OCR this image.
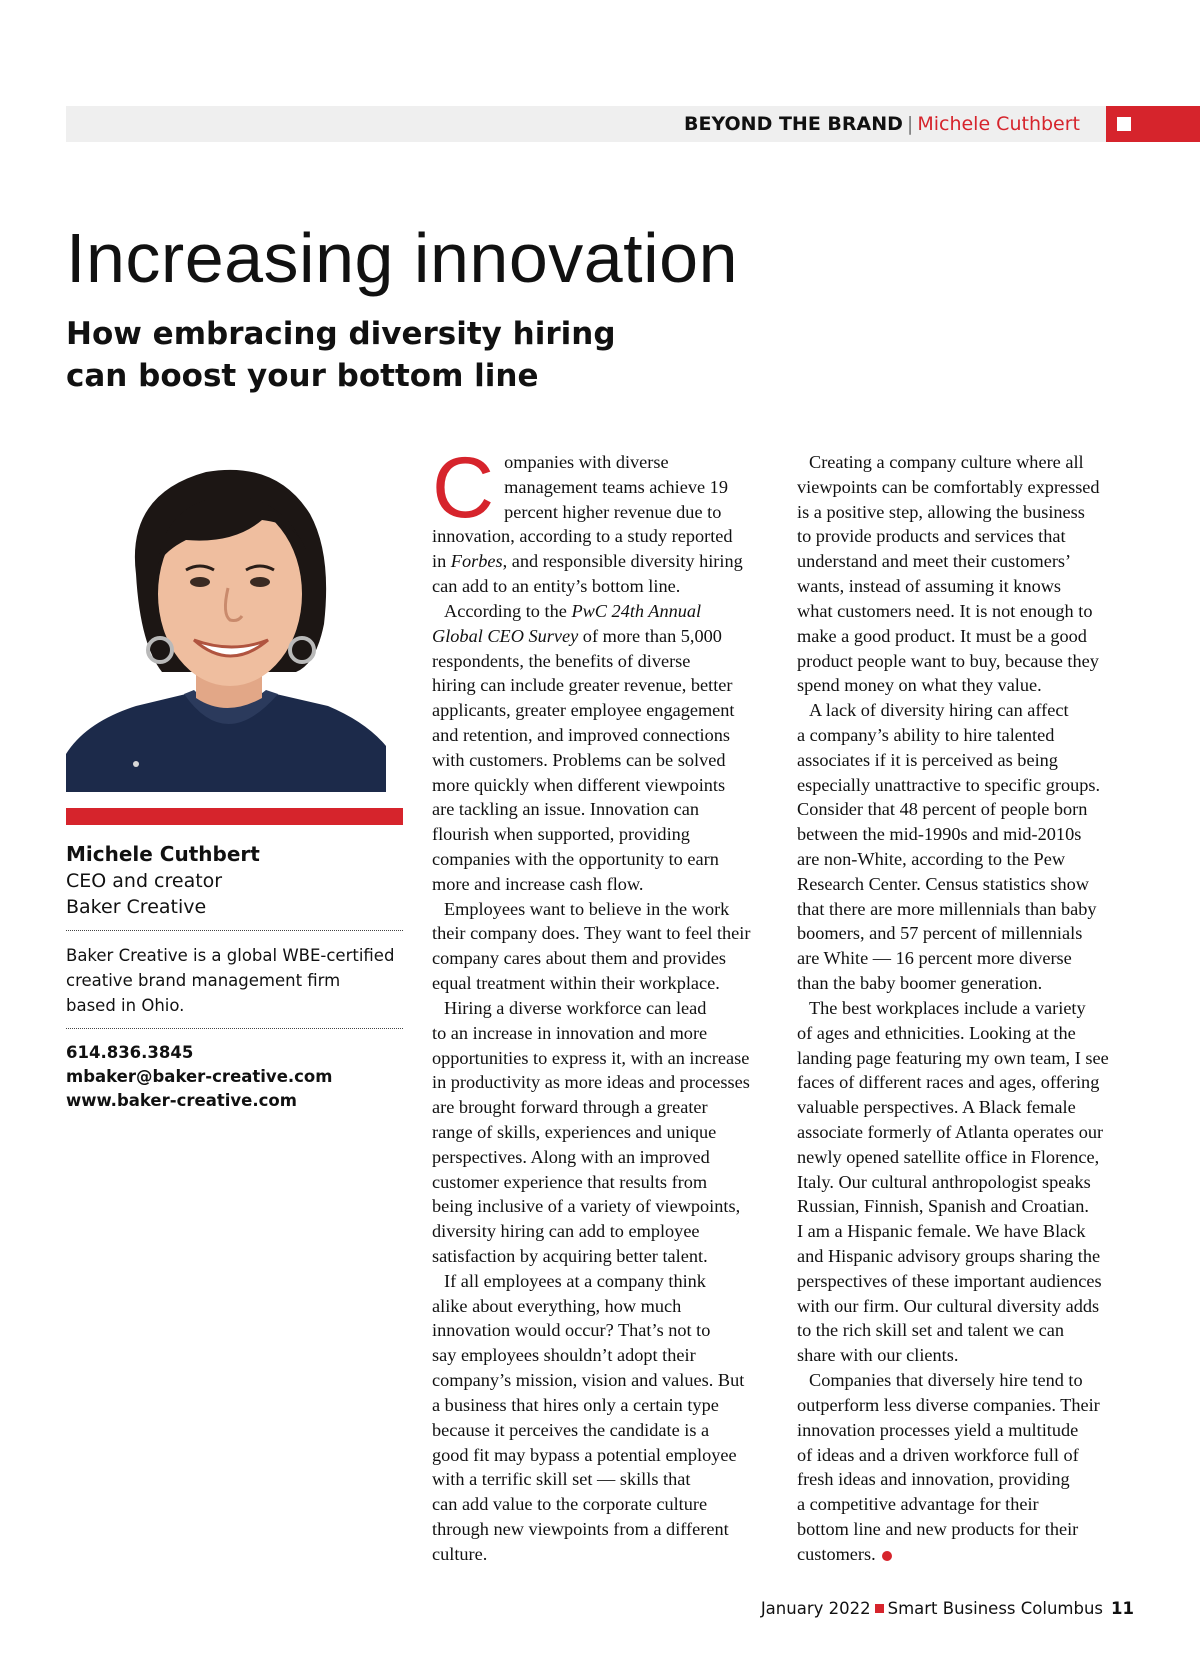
BEYOND THE BRAND | Michele Cuthbert
Increasing innovation
How embracing diversity hiring
can boost your bottom line
Michele Cuthbert
CEO and creator
Baker Creative
Baker Creative is a global WBE-certified
creative brand management firm
based in Ohio.
614.836.3845
mbaker@baker-creative.com
www.baker-creative.com

C ompanies with diverse
management teams achieve 19
percent higher revenue due to
innovation, according to a study reported
in Forbes, and responsible diversity hiring
can add to an entity’s bottom line.

According to the PwC 24th Annual
Global CEO Survey of more than 5,000

respondents, the benefits of diverse
hiring can include greater revenue, better
applicants, greater employee engagement
and retention, and improved connections
with customers. Problems can be solved
more quickly when different viewpoints
are tackling an issue. Innovation can
flourish when supported, providing
companies with the opportunity to earn
more and increase cash flow.

Employees want to believe in the work
their company does. They want to feel their
company cares about them and provides
equal treatment within their workplace.

Hiring a diverse workforce can lead
to an increase in innovation and more
opportunities to express it, with an increase
in productivity as more ideas and processes
are brought forward through a greater
range of skills, experiences and unique
perspectives. Along with an improved
customer experience that results from
being inclusive of a variety of viewpoints,
diversity hiring can add to employee
satisfaction by acquiring better talent.

If all employees at a company think
alike about everything, how much
innovation would occur? That’s not to
say employees shouldn’t adopt their
company’s mission, vision and values. But
a business that hires only a certain type
because it perceives the candidate is a
good fit may bypass a potential employee
with a terrific skill set — skills that
can add value to the corporate culture
through new viewpoints from a different
culture.

Creating a company culture where all
viewpoints can be comfortably expressed
is a positive step, allowing the business
to provide products and services that
understand and meet their customers’
wants, instead of assuming it knows
what customers need. It is not enough to
make a good product. It must be a good
product people want to buy, because they
spend money on what they value.

A lack of diversity hiring can affect
a company’s ability to hire talented
associates if it is perceived as being
especially unattractive to specific groups.
Consider that 48 percent of people born
between the mid-1990s and mid-2010s
are non-White, according to the Pew
Research Center. Census statistics show
that there are more millennials than baby
boomers, and 57 percent of millennials
are White — 16 percent more diverse
than the baby boomer generation.

The best workplaces include a variety
of ages and ethnicities. Looking at the
landing page featuring my own team, I see
faces of different races and ages, offering
valuable perspectives. A Black female
associate formerly of Atlanta operates our
newly opened satellite office in Florence,
Italy. Our cultural anthropologist speaks
Russian, Finnish, Spanish and Croatian.
I am a Hispanic female. We have Black
and Hispanic advisory groups sharing the
perspectives of these important audiences
with our firm. Our cultural diversity adds
to the rich skill set and talent we can
share with our clients.

Companies that diversely hire tend to
outperform less diverse companies. Their
innovation processes yield a multitude
of ideas and a driven workforce full of
fresh ideas and innovation, providing
a competitive advantage for their
bottom line and new products for their

customers.

January 2022 Smart Business Columbus 11
